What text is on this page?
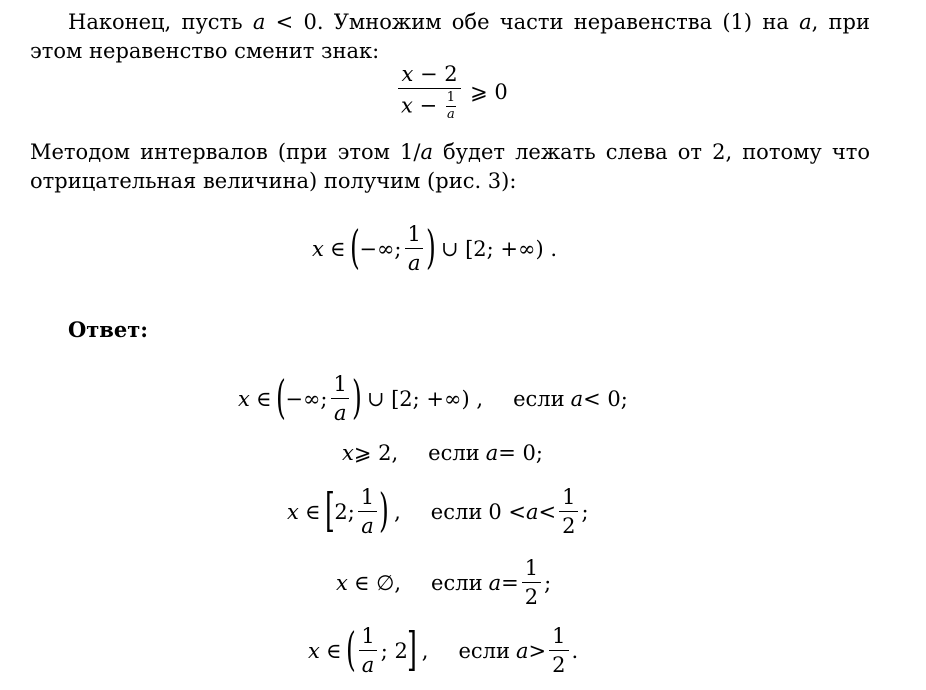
Наконец, пусть a < 0. Умножим обе части неравенства (1) на a, при этом неравенство сменит знак:
$\frac{x - 2}{x - \frac{1}{a}}$ ⩾ 0
Методом интервалов (при этом 1/a будет лежать слева от 2, потому что отрицательная величина) получим (рис. 3):
x ∈ ( −∞; $\frac{1}{a}$ ) ∪ [2; +∞) .
Ответ:
x ∈ ( −∞; $\frac{1}{a}$ ) ∪ [2; +∞) , если a < 0;
x ⩾ 2, если a = 0;
x ∈ [ 2; $\frac{1}{a}$ ) , если $0 < a < \frac{1}{2}$ ;
x ∈ ∅, если $a = \frac{1}{2}$ ;
x ∈ ( $\frac{1}{a}$ ; 2 ] , если $a > \frac{1}{2}$ .
